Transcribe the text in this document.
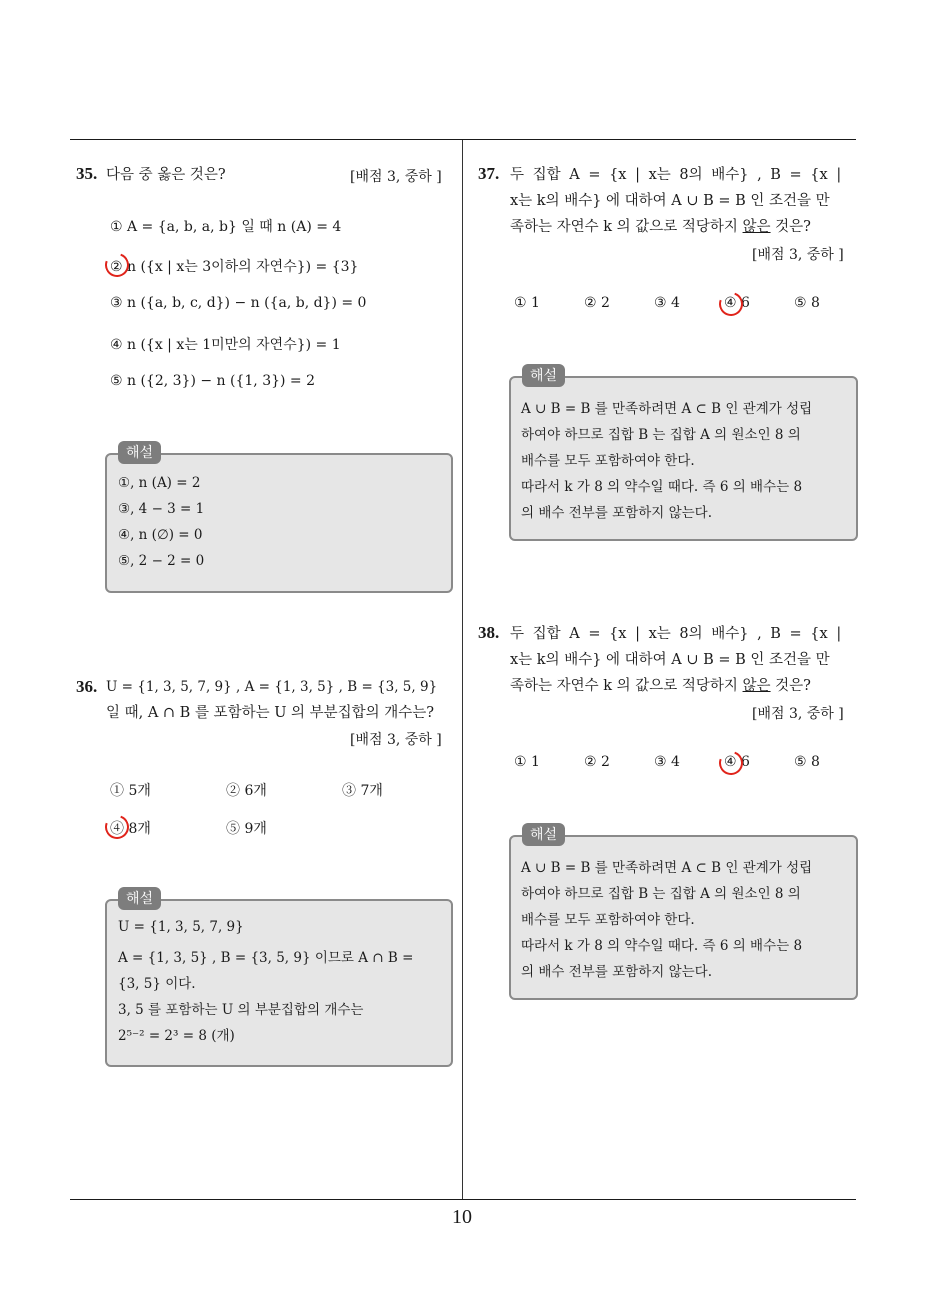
35. 다음 중 옳은 것은?	[배점 3, 중하 ]
① A = {a, b, a, b} 일 때 n (A) = 4
② n ({x | x는 3이하의 자연수}) = {3}
③ n ({a, b, c, d}) − n ({a, b, d}) = 0
④ n ({x | x는 1미만의 자연수}) = 1
⑤ n ({2, 3}) − n ({1, 3}) = 2
해설
①, n (A) = 2
③, 4 − 3 = 1
④, n (∅) = 0
⑤, 2 − 2 = 0
36. U = {1, 3, 5, 7, 9} , A = {1, 3, 5} , B = {3, 5, 9}
일 때, A ∩ B 를 포함하는 U 의 부분집합의 개수는?
[배점 3, 중하 ]
① 5개	② 6개	③ 7개
④ 8개	⑤ 9개
해설
U = {1, 3, 5, 7, 9}
A = {1, 3, 5} , B = {3, 5, 9} 이므로 A ∩ B =
{3, 5} 이다.
3, 5 를 포함하는 U 의 부분집합의 개수는
2⁵⁻² = 2³ = 8 (개)
37. 두 집합 A = {x | x는 8의 배수} , B = {x |
x는 k의 배수} 에 대하여 A ∪ B = B 인 조건을 만
족하는 자연수 k 의 값으로 적당하지 않은 것은?
[배점 3, 중하 ]
① 1	② 2	③ 4	④ 6	⑤ 8
해설
A ∪ B = B 를 만족하려면 A ⊂ B 인 관계가 성립
하여야 하므로 집합 B 는 집합 A 의 원소인 8 의
배수를 모두 포함하여야 한다.
따라서 k 가 8 의 약수일 때다. 즉 6 의 배수는 8
의 배수 전부를 포함하지 않는다.
38. 두 집합 A = {x | x는 8의 배수} , B = {x |
x는 k의 배수} 에 대하여 A ∪ B = B 인 조건을 만
족하는 자연수 k 의 값으로 적당하지 않은 것은?
[배점 3, 중하 ]
① 1	② 2	③ 4	④ 6	⑤ 8
해설
A ∪ B = B 를 만족하려면 A ⊂ B 인 관계가 성립
하여야 하므로 집합 B 는 집합 A 의 원소인 8 의
배수를 모두 포함하여야 한다.
따라서 k 가 8 의 약수일 때다. 즉 6 의 배수는 8
의 배수 전부를 포함하지 않는다.
10
